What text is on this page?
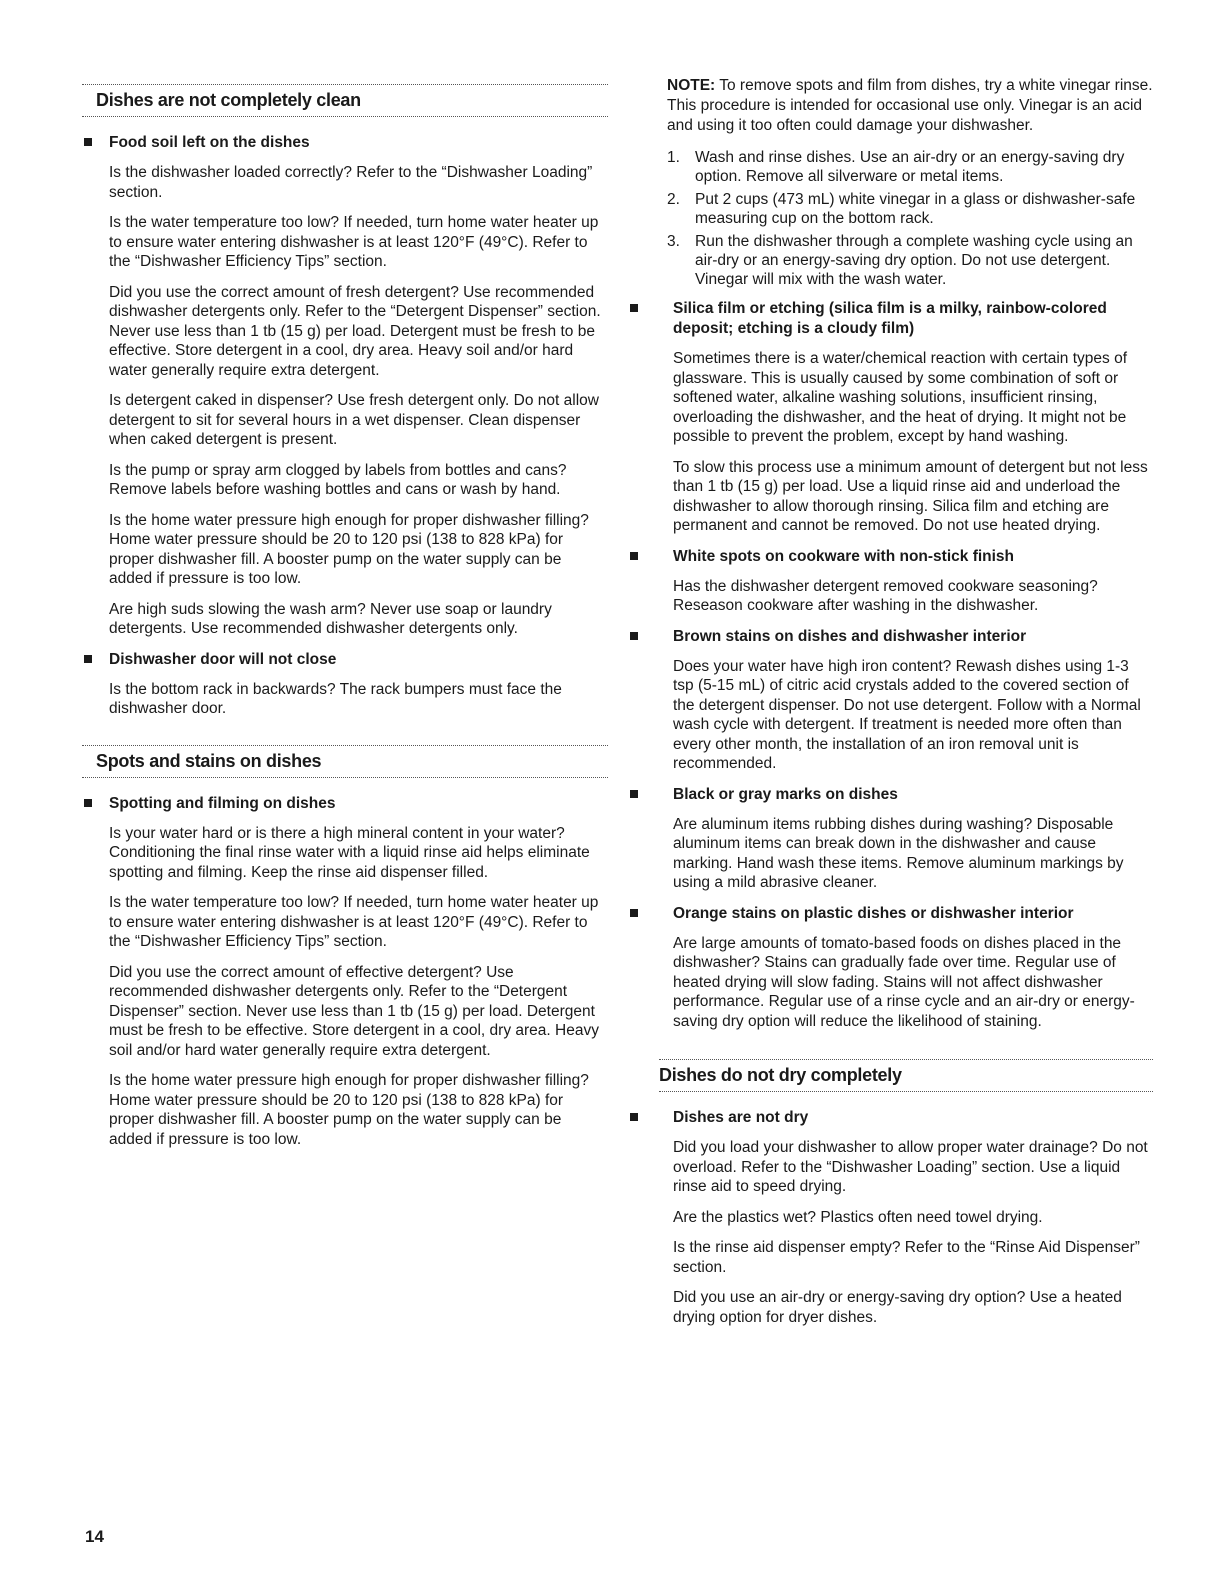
Dishes are not completely clean
Food soil left on the dishes

Is the dishwasher loaded correctly? Refer to the “Dishwasher Loading” section.

Is the water temperature too low? If needed, turn home water heater up to ensure water entering dishwasher is at least 120°F (49°C). Refer to the “Dishwasher Efficiency Tips” section.

Did you use the correct amount of fresh detergent? Use recommended dishwasher detergents only. Refer to the “Detergent Dispenser” section. Never use less than 1 tb (15 g) per load. Detergent must be fresh to be effective. Store detergent in a cool, dry area. Heavy soil and/or hard water generally require extra detergent.

Is detergent caked in dispenser? Use fresh detergent only. Do not allow detergent to sit for several hours in a wet dispenser. Clean dispenser when caked detergent is present.

Is the pump or spray arm clogged by labels from bottles and cans? Remove labels before washing bottles and cans or wash by hand.

Is the home water pressure high enough for proper dishwasher filling? Home water pressure should be 20 to 120 psi (138 to 828 kPa) for proper dishwasher fill. A booster pump on the water supply can be added if pressure is too low.

Are high suds slowing the wash arm? Never use soap or laundry detergents. Use recommended dishwasher detergents only.

Dishwasher door will not close

Is the bottom rack in backwards? The rack bumpers must face the dishwasher door.

Spots and stains on dishes
Spotting and filming on dishes

Is your water hard or is there a high mineral content in your water? Conditioning the final rinse water with a liquid rinse aid helps eliminate spotting and filming. Keep the rinse aid dispenser filled.

Is the water temperature too low? If needed, turn home water heater up to ensure water entering dishwasher is at least 120°F (49°C). Refer to the “Dishwasher Efficiency Tips” section.

Did you use the correct amount of effective detergent? Use recommended dishwasher detergents only. Refer to the “Detergent Dispenser” section. Never use less than 1 tb (15 g) per load. Detergent must be fresh to be effective. Store detergent in a cool, dry area. Heavy soil and/or hard water generally require extra detergent.

Is the home water pressure high enough for proper dishwasher filling? Home water pressure should be 20 to 120 psi (138 to 828 kPa) for proper dishwasher fill. A booster pump on the water supply can be added if pressure is too low.

NOTE: To remove spots and film from dishes, try a white vinegar rinse. This procedure is intended for occasional use only. Vinegar is an acid and using it too often could damage your dishwasher.

1. Wash and rinse dishes. Use an air-dry or an energy-saving dry option. Remove all silverware or metal items.
2. Put 2 cups (473 mL) white vinegar in a glass or dishwasher-safe measuring cup on the bottom rack.
3. Run the dishwasher through a complete washing cycle using an air-dry or an energy-saving dry option. Do not use detergent. Vinegar will mix with the wash water.
Silica film or etching (silica film is a milky, rainbow-colored deposit; etching is a cloudy film)

Sometimes there is a water/chemical reaction with certain types of glassware. This is usually caused by some combination of soft or softened water, alkaline washing solutions, insufficient rinsing, overloading the dishwasher, and the heat of drying. It might not be possible to prevent the problem, except by hand washing.

To slow this process use a minimum amount of detergent but not less than 1 tb (15 g) per load. Use a liquid rinse aid and underload the dishwasher to allow thorough rinsing. Silica film and etching are permanent and cannot be removed. Do not use heated drying.

White spots on cookware with non-stick finish

Has the dishwasher detergent removed cookware seasoning? Reseason cookware after washing in the dishwasher.

Brown stains on dishes and dishwasher interior

Does your water have high iron content? Rewash dishes using 1-3 tsp (5-15 mL) of citric acid crystals added to the covered section of the detergent dispenser. Do not use detergent. Follow with a Normal wash cycle with detergent. If treatment is needed more often than every other month, the installation of an iron removal unit is recommended.

Black or gray marks on dishes

Are aluminum items rubbing dishes during washing? Disposable aluminum items can break down in the dishwasher and cause marking. Hand wash these items. Remove aluminum markings by using a mild abrasive cleaner.

Orange stains on plastic dishes or dishwasher interior

Are large amounts of tomato-based foods on dishes placed in the dishwasher? Stains can gradually fade over time. Regular use of heated drying will slow fading. Stains will not affect dishwasher performance. Regular use of a rinse cycle and an air-dry or energy-saving dry option will reduce the likelihood of staining.

Dishes do not dry completely
Dishes are not dry

Did you load your dishwasher to allow proper water drainage? Do not overload. Refer to the “Dishwasher Loading” section. Use a liquid rinse aid to speed drying.

Are the plastics wet? Plastics often need towel drying.

Is the rinse aid dispenser empty? Refer to the “Rinse Aid Dispenser” section.

Did you use an air-dry or energy-saving dry option? Use a heated drying option for dryer dishes.

14
